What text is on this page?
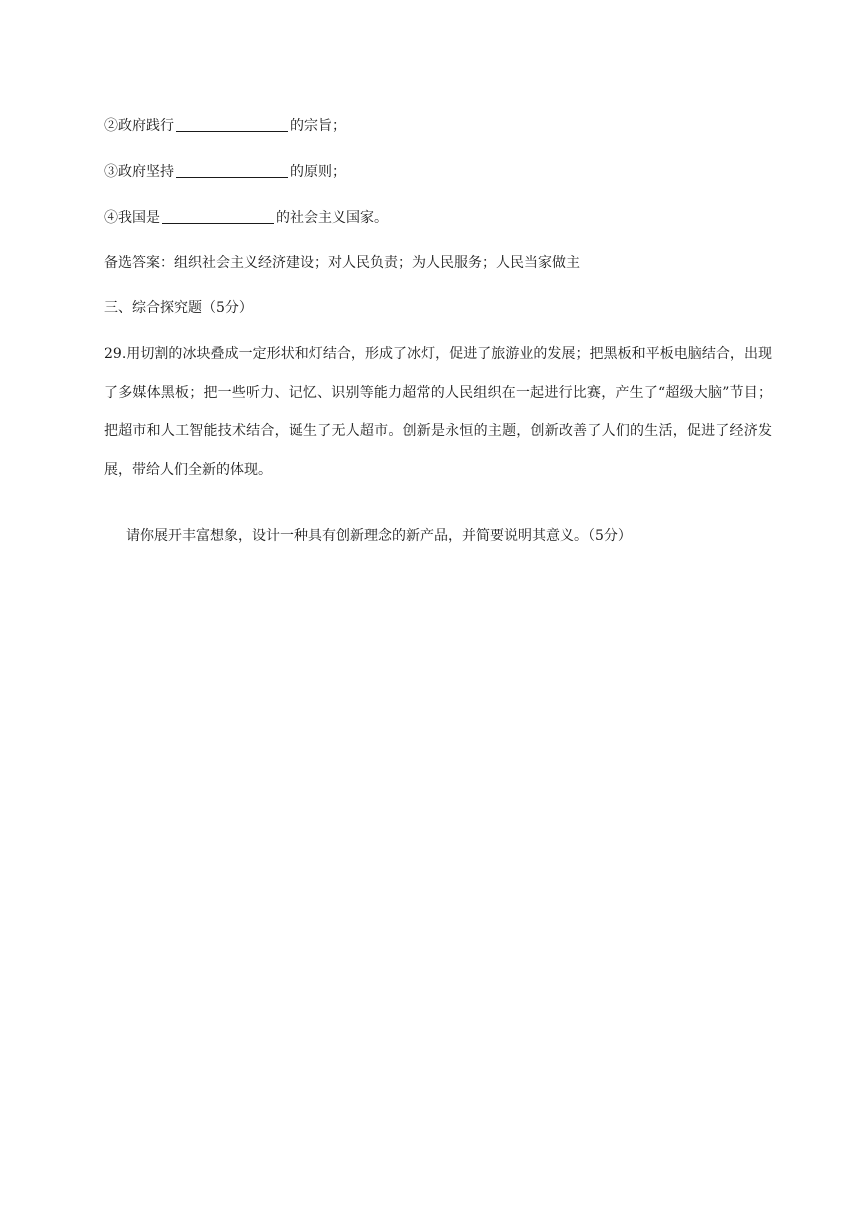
②政府践行	的宗旨；
③政府坚持	的原则；
④我国是	的社会主义国家。
备选答案：组织社会主义经济建设；对人民负责；为人民服务；人民当家做主
三、综合探究题（5分）
29.用切割的冰块叠成一定形状和灯结合，形成了冰灯，促进了旅游业的发展；把黑板和平板电脑结合，出现了多媒体黑板；把一些听力、记忆、识别等能力超常的人民组织在一起进行比赛，产生了“超级大脑”节目；把超市和人工智能技术结合，诞生了无人超市。创新是永恒的主题，创新改善了人们的生活，促进了经济发展，带给人们全新的体现。
请你展开丰富想象，设计一种具有创新理念的新产品，并简要说明其意义。（5分）
